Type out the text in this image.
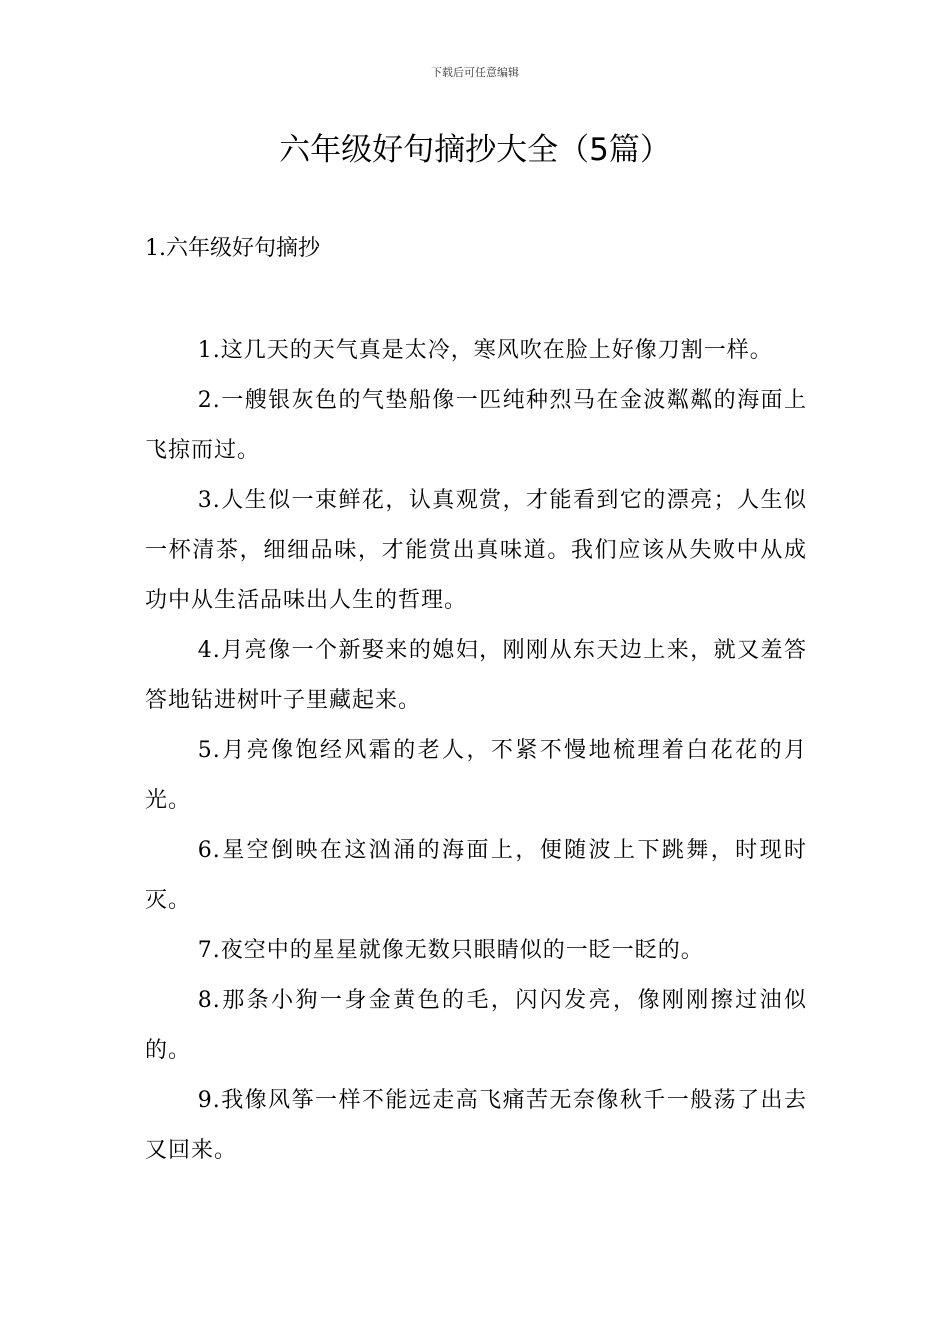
下载后可任意编辑
六年级好句摘抄大全（5篇）
1.六年级好句摘抄

1.这几天的天气真是太冷，寒风吹在脸上好像刀割一样。

2.一艘银灰色的气垫船像一匹纯种烈马在金波粼粼的海面上飞掠而过。

3.人生似一束鲜花，认真观赏，才能看到它的漂亮；人生似一杯清茶，细细品味，才能赏出真味道。我们应该从失败中从成功中从生活品味出人生的哲理。

4.月亮像一个新娶来的媳妇，刚刚从东天边上来，就又羞答答地钻进树叶子里藏起来。

5.月亮像饱经风霜的老人，不紧不慢地梳理着白花花的月光。

6.星空倒映在这汹涌的海面上，便随波上下跳舞，时现时灭。

7.夜空中的星星就像无数只眼睛似的一眨一眨的。

8.那条小狗一身金黄色的毛，闪闪发亮，像刚刚擦过油似的。

9.我像风筝一样不能远走高飞痛苦无奈像秋千一般荡了出去又回来。
